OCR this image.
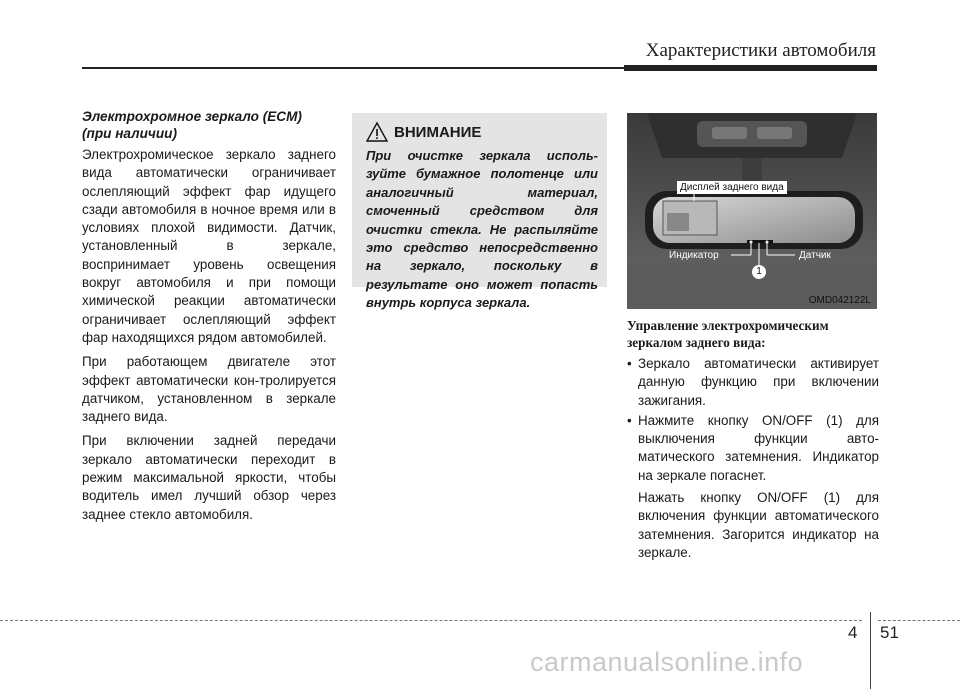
Характеристики автомобиля
Электрохромное зеркало (ECM)
(при наличии)

Электрохромическое зеркало заднего вида автоматически ограничивает ослепляющий эффект фар идущего сзади автомобиля в ночное время или в условиях плохой видимости. Датчик, установленный в зеркале, воспринимает уровень освещения вокруг автомобиля и при помощи химической реакции автоматически ограничивает ослепляющий эффект фар находящихся рядом автомобилей.

При работающем двигателе этот эффект автоматически кон-тролируется датчиком, установленном в зеркале заднего вида.

При включении задней передачи зеркало автоматически переходит в режим максимальной яркости, чтобы водитель имел лучший обзор через заднее стекло автомобиля.

ВНИМАНИЕ
При очистке зеркала исполь-зуйте бумажное полотенце или аналогичный материал, смоченный средством для очистки стекла. Не распыляйте это средство непосредственно на зеркало, поскольку в результате оно может попасть внутрь корпуса зеркала.
Дисплей заднего вида
Индикатор	Датчик
1
OMD042122L
Управление электрохромическим
зеркалом заднего вида:
• Зеркало автоматически активирует данную функцию при включении зажигания.
• Нажмите кнопку ON/OFF (1) для выключения функции авто-матического затемнения. Индикатор на зеркале погаснет.
Нажать кнопку ON/OFF (1) для включения функции автоматического затемнения. Загорится индикатор на зеркале.
4 51
carmanualsonline.info
